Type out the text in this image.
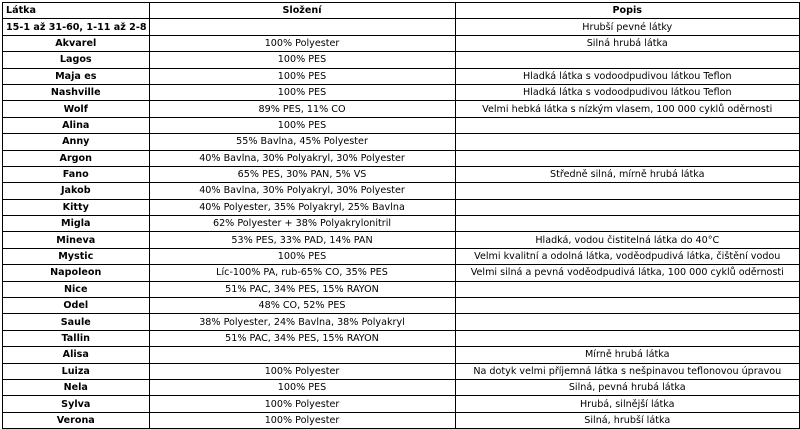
Látka	Složení	Popis
15-1 až 31-60, 1-11 až 2-8		Hrubší pevné látky
Akvarel	100% Polyester	Silná hrubá látka
Lagos	100% PES	
Maja es	100% PES	Hladká látka s vodoodpudivou látkou Teflon
Nashville	100% PES	Hladká látka s vodoodpudivou látkou Teflon
Wolf	89% PES, 11% CO	Velmi hebká látka s nízkým vlasem, 100 000 cyklů oděrnosti
Alina	100% PES	
Anny	55% Bavlna, 45% Polyester	
Argon	40% Bavlna, 30% Polyakryl, 30% Polyester	
Fano	65% PES, 30% PAN, 5% VS	Středně silná, mírně hrubá látka
Jakob	40% Bavlna, 30% Polyakryl, 30% Polyester	
Kitty	40% Polyester, 35% Polyakryl, 25% Bavlna	
Migla	62% Polyester + 38% Polyakrylonitril	
Mineva	53% PES, 33% PAD, 14% PAN	Hladká, vodou čistitelná látka do 40°C
Mystic	100% PES	Velmi kvalitní a odolná látka, voděodpudivá látka, čištění vodou
Napoleon	Líc-100% PA, rub-65% CO, 35% PES	Velmi silná a pevná voděodpudivá látka, 100 000 cyklů oděrnosti
Nice	51% PAC, 34% PES, 15% RAYON	
Odel	48% CO, 52% PES	
Saule	38% Polyester, 24% Bavlna, 38% Polyakryl	
Tallin	51% PAC, 34% PES, 15% RAYON	
Alisa		Mírně hrubá látka
Luiza	100% Polyester	Na dotyk velmi příjemná látka s nešpinavou teflonovou úpravou
Nela	100% PES	Silná, pevná hrubá látka
Sylva	100% Polyester	Hrubá, silnější látka
Verona	100% Polyester	Silná, hrubší látka
